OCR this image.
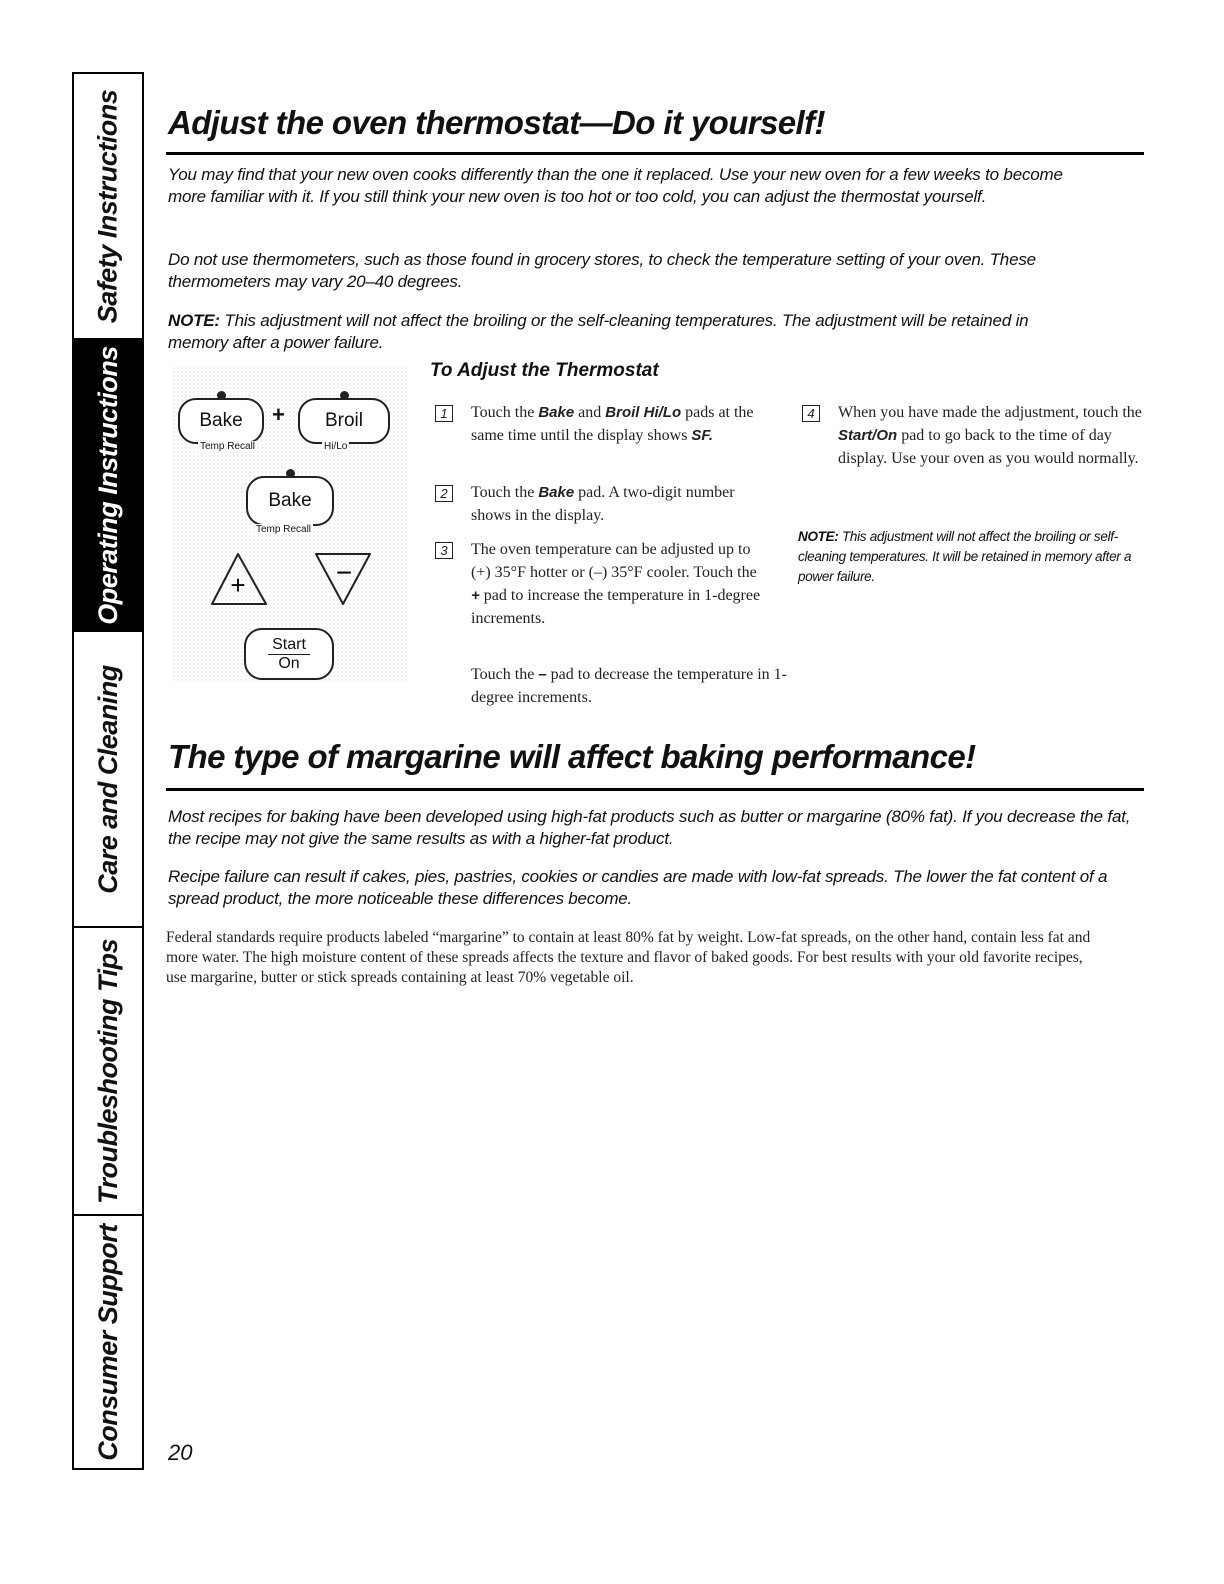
Safety Instructions
Operating Instructions
Care and Cleaning
Troubleshooting Tips
Consumer Support
Adjust the oven thermostat—Do it yourself!

You may find that your new oven cooks differently than the one it replaced. Use your new oven for a few weeks to become more familiar with it. If you still think your new oven is too hot or too cold, you can adjust the thermostat yourself.

Do not use thermometers, such as those found in grocery stores, to check the temperature setting of your oven. These thermometers may vary 20–40 degrees.

NOTE: This adjustment will not affect the broiling or the self-cleaning temperatures. The adjustment will be retained in memory after a power failure.

Bake + Broil
Temp Recall	Hi/Lo
Bake
Temp Recall
+	−
Start
On
To Adjust the Thermostat
1	Touch the Bake and Broil Hi/Lo pads at the same time until the display shows SF.
2	Touch the Bake pad. A two-digit number shows in the display.
3	The oven temperature can be adjusted up to (+) 35°F hotter or (–) 35°F cooler. Touch the + pad to increase the temperature in 1-degree increments.
Touch the – pad to decrease the temperature in 1-degree increments.
4	When you have made the adjustment, touch the Start/On pad to go back to the time of day display. Use your oven as you would normally.
NOTE: This adjustment will not affect the broiling or self-cleaning temperatures. It will be retained in memory after a power failure.
The type of margarine will affect baking performance!

Most recipes for baking have been developed using high-fat products such as butter or margarine (80% fat). If you decrease the fat, the recipe may not give the same results as with a higher-fat product.

Recipe failure can result if cakes, pies, pastries, cookies or candies are made with low-fat spreads. The lower the fat content of a spread product, the more noticeable these differences become.

Federal standards require products labeled “margarine” to contain at least 80% fat by weight. Low-fat spreads, on the other hand, contain less fat and more water. The high moisture content of these spreads affects the texture and flavor of baked goods. For best results with your old favorite recipes, use margarine, butter or stick spreads containing at least 70% vegetable oil.

20
